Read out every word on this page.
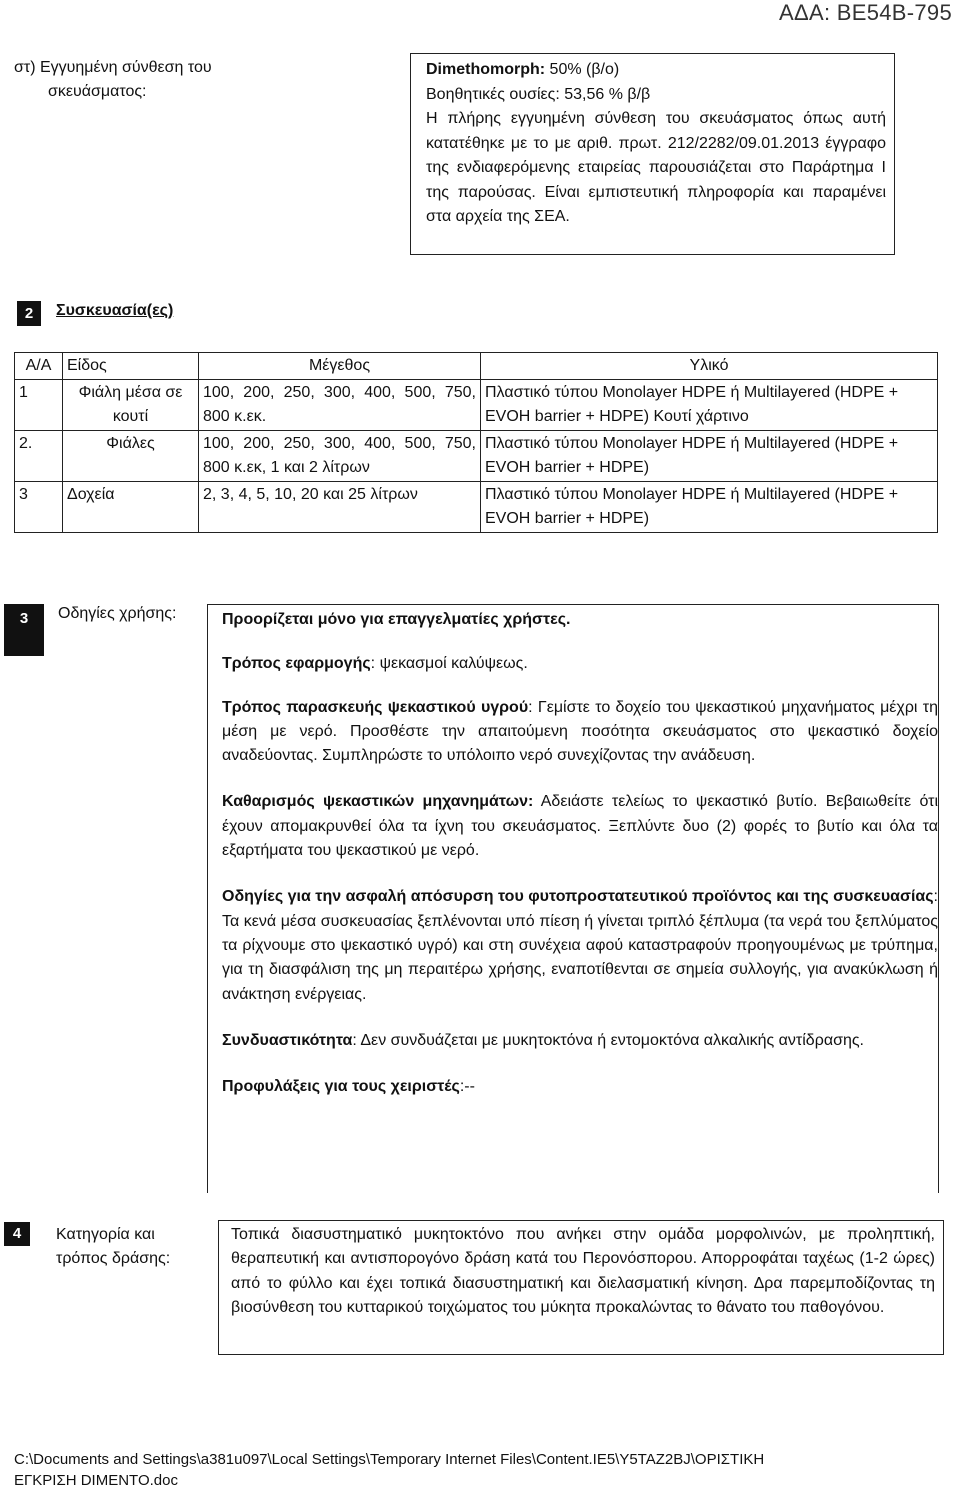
ΑΔΑ: ΒΕ54Β-795
στ) Εγγυημένη σύνθεση του
σκευάσματος:
Dimethomorph: 50% (β/ο)
Βοηθητικές ουσίες: 53,56 % β/β
Η πλήρης εγγυημένη σύνθεση του σκευάσματος όπως αυτή κατατέθηκε με το με αριθ. πρωτ. 212/2282/09.01.2013 έγγραφο της ενδιαφερόμενης εταιρείας παρουσιάζεται στο Παράρτημα Ι της παρούσας. Είναι εμπιστευτική πληροφορία και παραμένει στα αρχεία της ΣΕΑ.
2	Συσκευασία(ες)
Α/Α	Είδος	Μέγεθος	Υλικό
1	Φιάλη μέσα σε κουτί	100, 200, 250, 300, 400, 500, 750, 800 κ.εκ.	Πλαστικό τύπου Monolayer HDPE ή Multilayered (HDPE + EVOH barrier + HDPE) Κουτί χάρτινο
2.	Φιάλες	100, 200, 250, 300, 400, 500, 750, 800 κ.εκ, 1 και 2 λίτρων	Πλαστικό τύπου Monolayer HDPE ή Multilayered (HDPE + EVOH barrier + HDPE)
3	Δοχεία	2, 3, 4, 5, 10, 20 και 25 λίτρων	Πλαστικό τύπου Monolayer HDPE ή Multilayered (HDPE + EVOH barrier + HDPE)
3	Οδηγίες χρήσης:	Προορίζεται μόνο για επαγγελματίες χρήστες.

Τρόπος εφαρμογής: ψεκασμοί καλύψεως.

Τρόπος παρασκευής ψεκαστικού υγρού: Γεμίστε το δοχείο του ψεκαστικού μηχανήματος μέχρι τη μέση με νερό. Προσθέστε την απαιτούμενη ποσότητα σκευάσματος στο ψεκαστικό δοχείο αναδεύοντας. Συμπληρώστε το υπόλοιπο νερό συνεχίζοντας την ανάδευση.

Καθαρισμός ψεκαστικών μηχανημάτων: Αδειάστε τελείως το ψεκαστικό βυτίο. Βεβαιωθείτε ότι έχουν απομακρυνθεί όλα τα ίχνη του σκευάσματος. Ξεπλύντε δυο (2) φορές το βυτίο και όλα τα εξαρτήματα του ψεκαστικού με νερό.

Οδηγίες για την ασφαλή απόσυρση του φυτοπροστατευτικού προϊόντος και της συσκευασίας: Τα κενά μέσα συσκευασίας ξεπλένονται υπό πίεση ή γίνεται τριπλό ξέπλυμα (τα νερά του ξεπλύματος τα ρίχνουμε στο ψεκαστικό υγρό) και στη συνέχεια αφού καταστραφούν προηγουμένως με τρύπημα, για τη διασφάλιση της μη περαιτέρω χρήσης, εναποτίθενται σε σημεία συλλογής, για ανακύκλωση ή ανάκτηση ενέργειας.

Συνδυαστικότητα: Δεν συνδυάζεται με μυκητοκτόνα ή εντομοκτόνα αλκαλικής αντίδρασης.

Προφυλάξεις για τους χειριστές:--

4	Κατηγορία και
τρόπος δράσης:
Τοπικά διασυστηματικό μυκητοκτόνο που ανήκει στην ομάδα μορφολινών, με προληπτική, θεραπευτική και αντισπορογόνο δράση κατά του Περονόσπορου. Απορροφάται ταχέως (1-2 ώρες) από το φύλλο και έχει τοπικά διασυστηματική και διελασματική κίνηση. Δρα παρεμποδίζοντας τη βιοσύνθεση του κυτταρικού τοιχώματος του μύκητα προκαλώντας το θάνατο του παθογόνου.
C:\Documents and Settings\a381u097\Local Settings\Temporary Internet Files\Content.IE5\Y5TAZ2BJ\ΟΡΙΣΤΙΚΗ
ΕΓΚΡΙΣΗ DIMENTO.doc
